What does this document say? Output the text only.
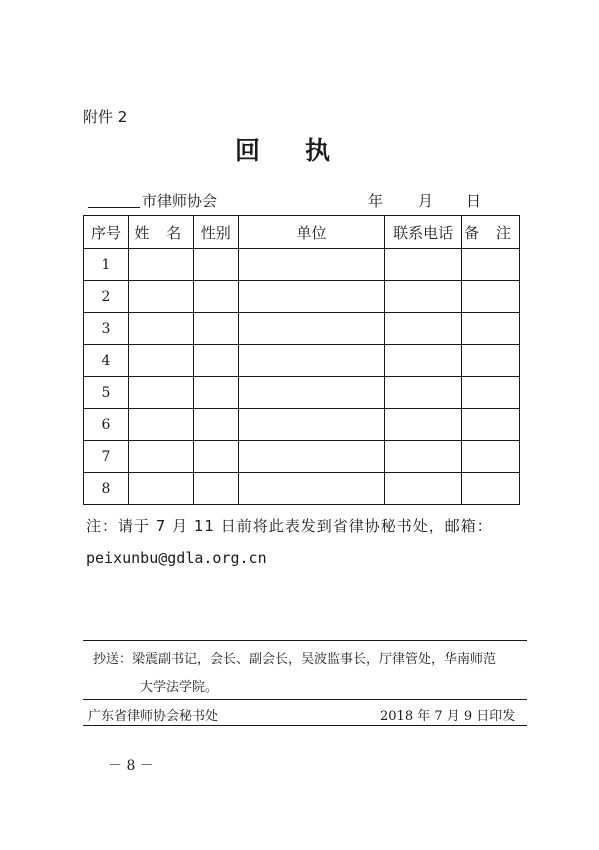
附件 2
回执
市律师协会	年 月 日
序号	姓 名	性别	单位	联系电话	备 注
1					
2					
3					
4					
5					
6					
7					
8					
注：请于 7 月 11 日前将此表发到省律协秘书处，邮箱：
peixunbu@gdla.org.cn
抄送：梁震副书记，会长、副会长，吴波监事长，厅律管处，华南师范
大学法学院。
广东省律师协会秘书处	2018 年 7 月 9 日印发
－ 8 －
